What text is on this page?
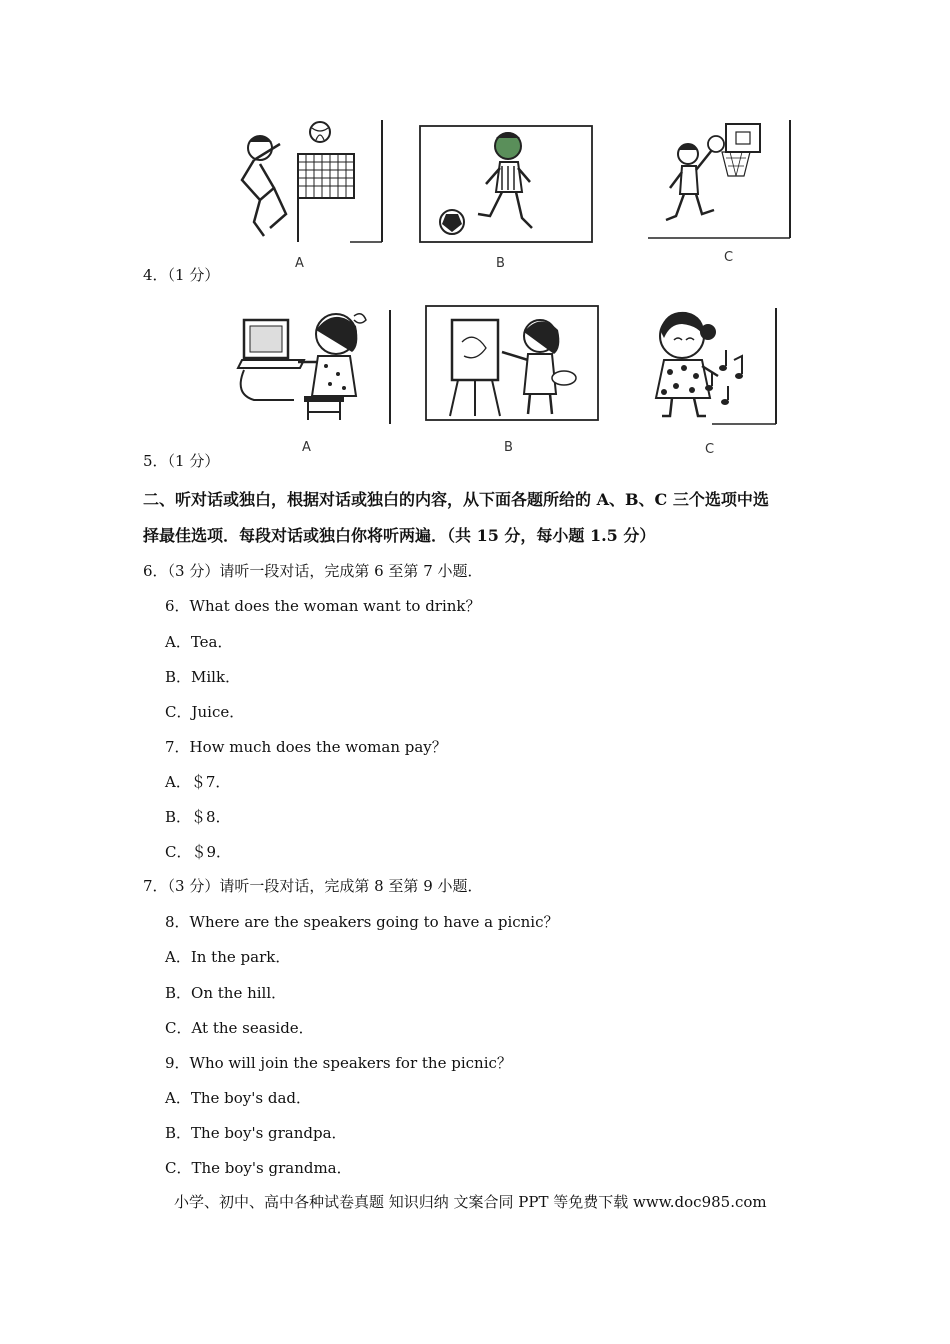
A	B	C
4．（1 分）
A	B	C
5．（1 分）
二、听对话或独白，根据对话或独白的内容，从下面各题所给的 A、B、C 三个选项中选
择最佳选项．每段对话或独白你将听两遍．（共 15 分，每小题 1.5 分）
6．（3 分）请听一段对话，完成第 6 至第 7 小题．
6．What does the woman want to drink？
A．Tea．
B．Milk．
C．Juice．
7．How much does the woman pay？
A．＄7．
B．＄8．
C．＄9．
7．（3 分）请听一段对话，完成第 8 至第 9 小题．
8．Where are the speakers going to have a picnic？
A．In the park．
B．On the hill．
C．At the seaside．
9．Who will join the speakers for the picnic？
A．The boy's dad．
B．The boy's grandpa．
C．The boy's grandma．
小学、初中、高中各种试卷真题 知识归纳 文案合同 PPT 等免费下载 www.doc985.com
